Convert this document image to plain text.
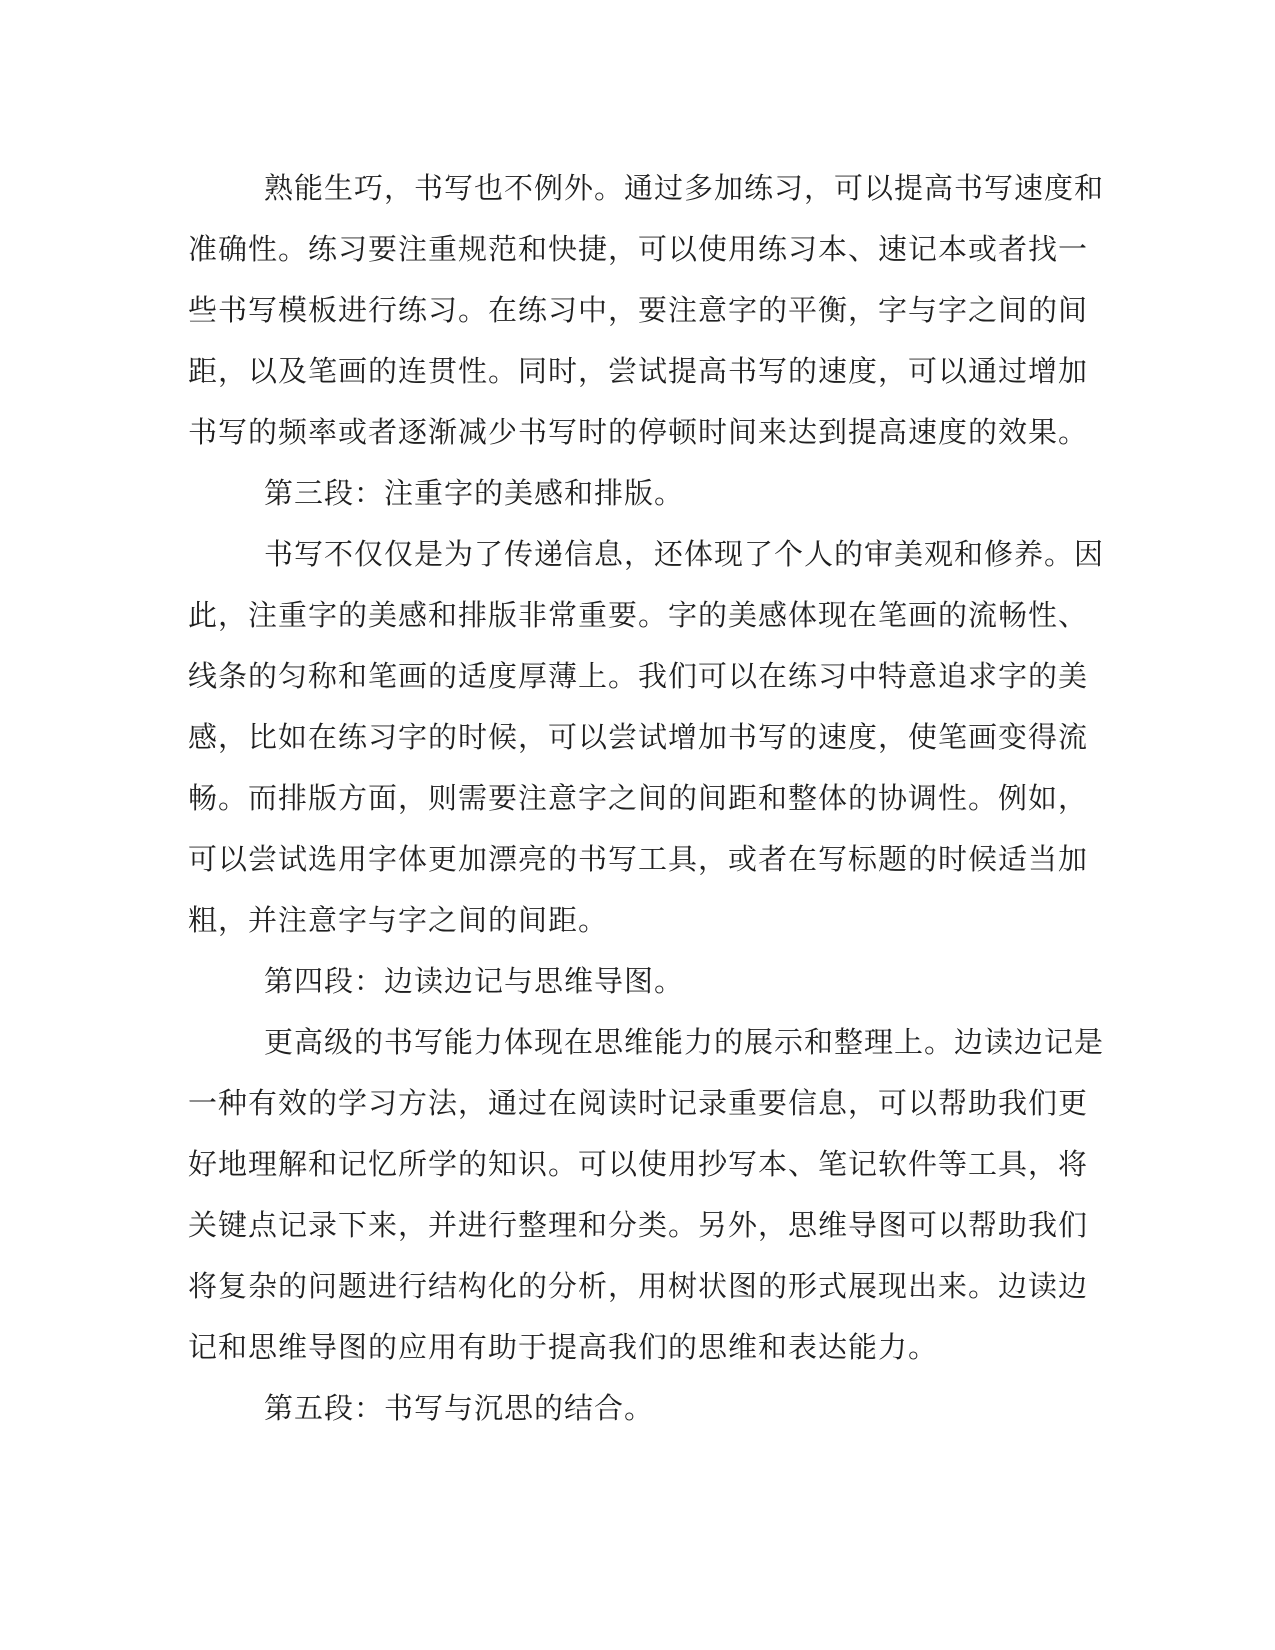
熟能生巧，书写也不例外。通过多加练习，可以提高书写速度和
准确性。练习要注重规范和快捷，可以使用练习本、速记本或者找一
些书写模板进行练习。在练习中，要注意字的平衡，字与字之间的间
距，以及笔画的连贯性。同时，尝试提高书写的速度，可以通过增加
书写的频率或者逐渐减少书写时的停顿时间来达到提高速度的效果。
第三段：注重字的美感和排版。
书写不仅仅是为了传递信息，还体现了个人的审美观和修养。因
此，注重字的美感和排版非常重要。字的美感体现在笔画的流畅性、
线条的匀称和笔画的适度厚薄上。我们可以在练习中特意追求字的美
感，比如在练习字的时候，可以尝试增加书写的速度，使笔画变得流
畅。而排版方面，则需要注意字之间的间距和整体的协调性。例如，
可以尝试选用字体更加漂亮的书写工具，或者在写标题的时候适当加
粗，并注意字与字之间的间距。
第四段：边读边记与思维导图。
更高级的书写能力体现在思维能力的展示和整理上。边读边记是
一种有效的学习方法，通过在阅读时记录重要信息，可以帮助我们更
好地理解和记忆所学的知识。可以使用抄写本、笔记软件等工具，将
关键点记录下来，并进行整理和分类。另外，思维导图可以帮助我们
将复杂的问题进行结构化的分析，用树状图的形式展现出来。边读边
记和思维导图的应用有助于提高我们的思维和表达能力。
第五段：书写与沉思的结合。
